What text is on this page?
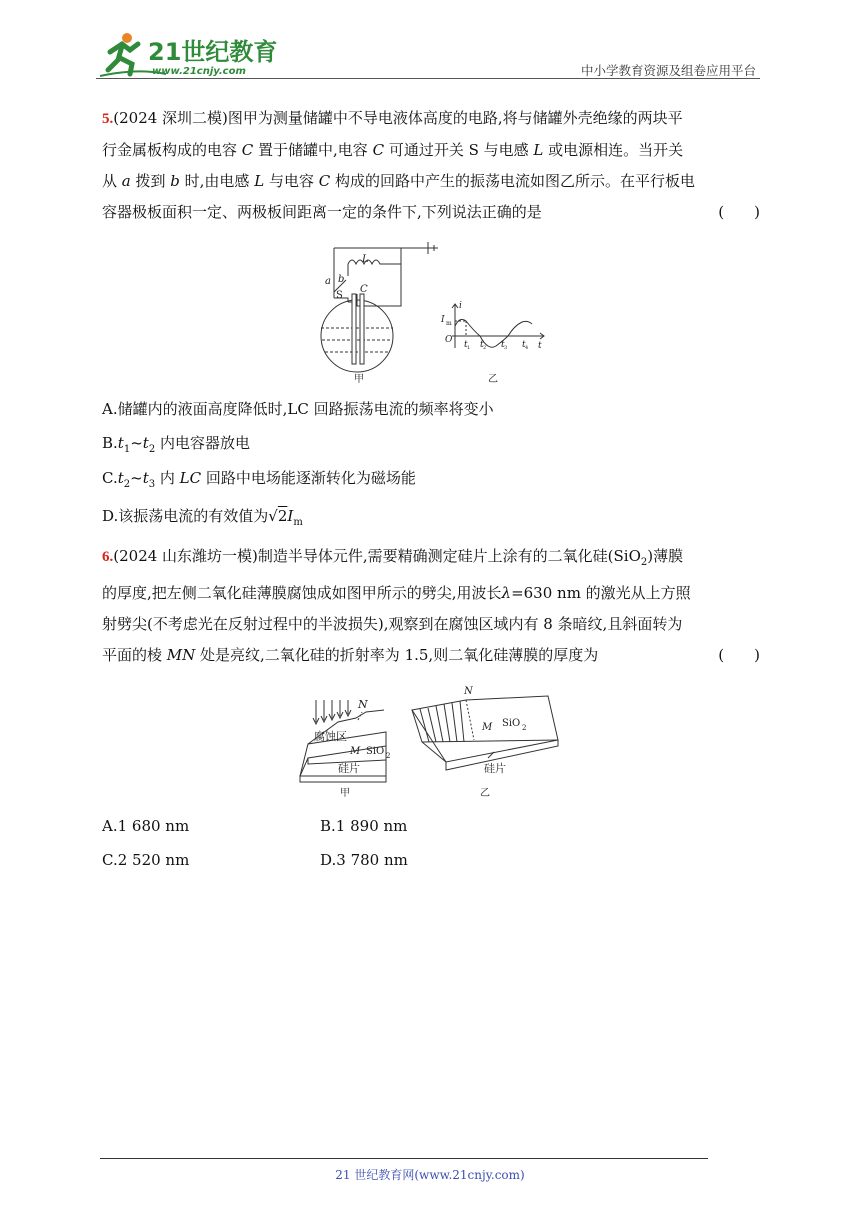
21世纪教育
www.21cnjy.com	中小学教育资源及组卷应用平台
5.(2024 深圳二模)图甲为测量储罐中不导电液体高度的电路,将与储罐外壳绝缘的两块平
行金属板构成的电容 C 置于储罐中,电容 C 可通过开关 S 与电感 L 或电源相连。当开关
从 a 拨到 b 时,由电感 L 与电容 C 构成的回路中产生的振荡电流如图乙所示。在平行板电
容器极板面积一定、两极板间距离一定的条件下,下列说法正确的是	(　　)
L
a b
S
C
甲
i
I m
O
t
t 1 t 2 t 3 t 4
乙
A.储罐内的液面高度降低时,LC 回路振荡电流的频率将变小
$B.t_1\sim t_2$ 内电容器放电
$C.t_2\sim t_3$ 内 LC 回路中电场能逐渐转化为磁场能
D.该振荡电流的有效值为$√2I_m$
6.(2024 山东潍坊一模)制造半导体元件,需要精确测定硅片上涂有的二氧化硅(SiO$_2$)薄膜
的厚度,把左侧二氧化硅薄膜腐蚀成如图甲所示的劈尖,用波长λ=630 nm 的激光从上方照
射劈尖(不考虑光在反射过程中的半波损失),观察到在腐蚀区域内有 8 条暗纹,且斜面转为
平面的棱 MN 处是亮纹,二氧化硅的折射率为 1.5,则二氧化硅薄膜的厚度为	(　　)
N
腐蚀区
M SiO 2
硅片
甲
N
M SiO 2
硅片
乙
A.1 680 nm	B.1 890 nm
C.2 520 nm	D.3 780 nm
21 世纪教育网(www.21cnjy.com)
